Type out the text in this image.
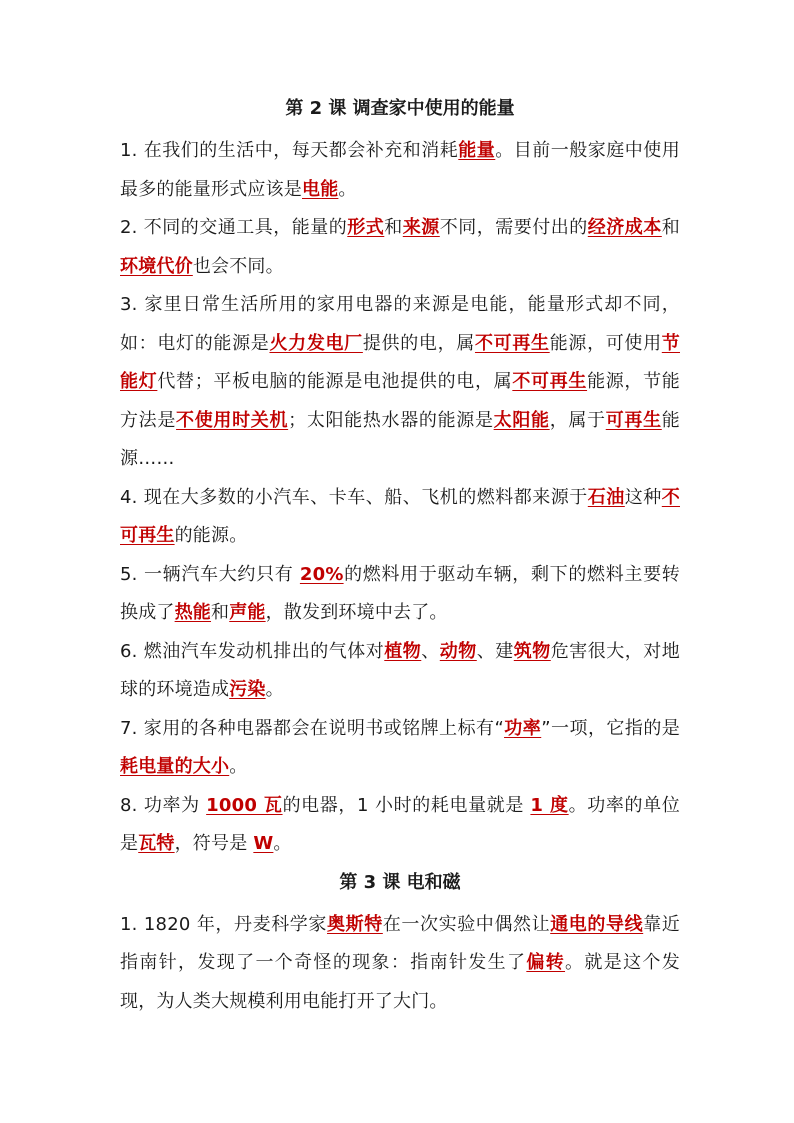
第 2 课 调查家中使用的能量

1. 在我们的生活中，每天都会补充和消耗能量。目前一般家庭中使用最多的能量形式应该是电能。

2. 不同的交通工具，能量的形式和来源不同，需要付出的经济成本和环境代价也会不同。

3. 家里日常生活所用的家用电器的来源是电能，能量形式却不同，如：电灯的能源是火力发电厂提供的电，属不可再生能源，可使用节能灯代替；平板电脑的能源是电池提供的电，属不可再生能源，节能方法是不使用时关机；太阳能热水器的能源是太阳能，属于可再生能源……

4. 现在大多数的小汽车、卡车、船、飞机的燃料都来源于石油这种不可再生的能源。

5. 一辆汽车大约只有 20%的燃料用于驱动车辆，剩下的燃料主要转换成了热能和声能，散发到环境中去了。

6. 燃油汽车发动机排出的气体对植物、动物、建筑物危害很大，对地球的环境造成污染。

7. 家用的各种电器都会在说明书或铭牌上标有“功率”一项，它指的是耗电量的大小。

8. 功率为 1000 瓦的电器，1 小时的耗电量就是 1 度。功率的单位是瓦特，符号是 W。

第 3 课 电和磁

1. 1820 年，丹麦科学家奥斯特在一次实验中偶然让通电的导线靠近指南针，发现了一个奇怪的现象：指南针发生了偏转。就是这个发现，为人类大规模利用电能打开了大门。
